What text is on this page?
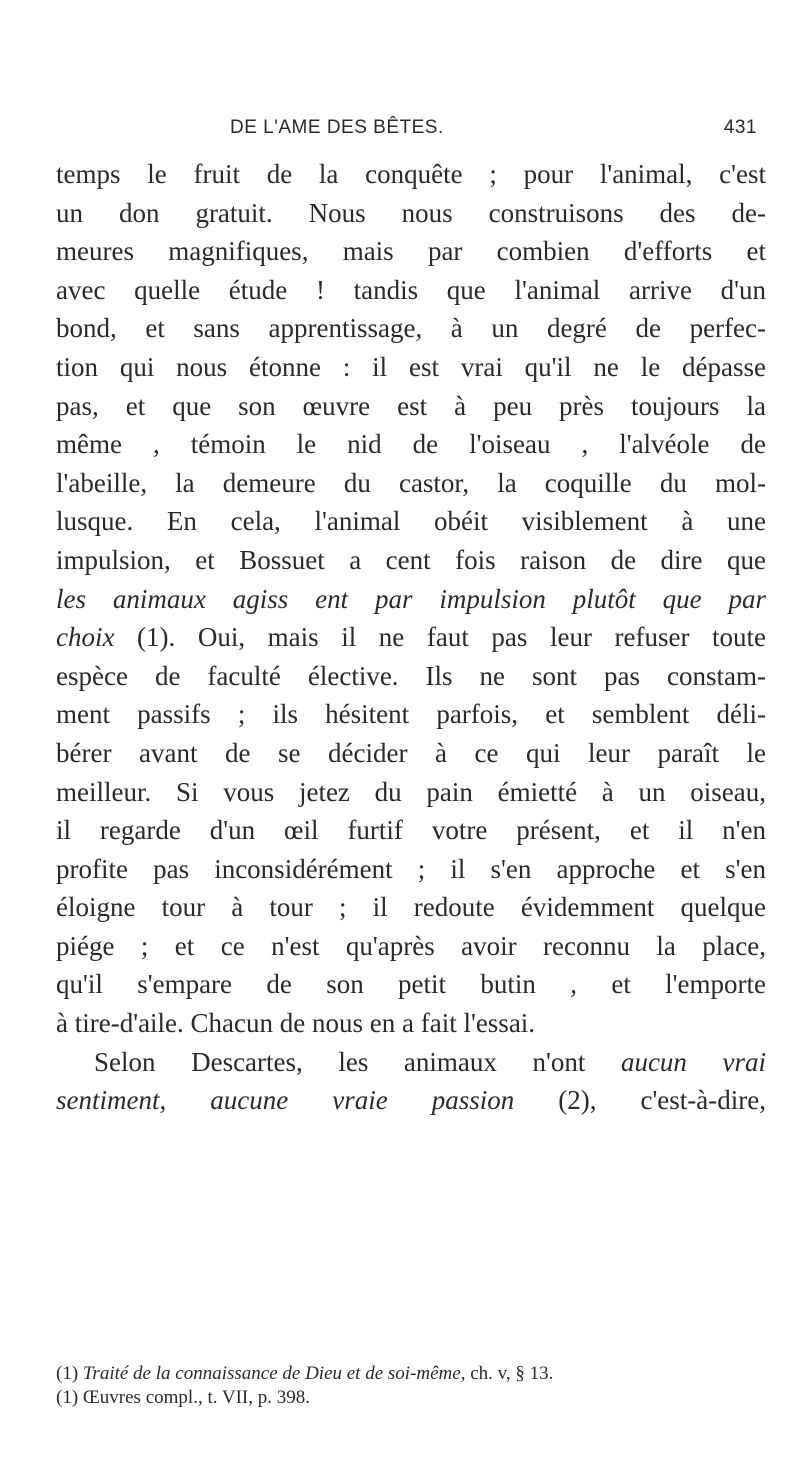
DE L'AME DES BÊTES.	431
temps le fruit de la conquête ; pour l'animal, c'est
un don gratuit. Nous nous construisons des de-
meures magnifiques, mais par combien d'efforts et
avec quelle étude ! tandis que l'animal arrive d'un
bond, et sans apprentissage, à un degré de perfec-
tion qui nous étonne : il est vrai qu'il ne le dépasse
pas, et que son œuvre est à peu près toujours la
même , témoin le nid de l'oiseau , l'alvéole de
l'abeille, la demeure du castor, la coquille du mol-
lusque. En cela, l'animal obéit visiblement à une
impulsion, et Bossuet a cent fois raison de dire que
les animaux agiss ent par impulsion plutôt que par
choix (1). Oui, mais il ne faut pas leur refuser toute
espèce de faculté élective. Ils ne sont pas constam-
ment passifs ; ils hésitent parfois, et semblent déli-
bérer avant de se décider à ce qui leur paraît le
meilleur. Si vous jetez du pain émietté à un oiseau,
il regarde d'un œil furtif votre présent, et il n'en
profite pas inconsidérément ; il s'en approche et s'en
éloigne tour à tour ; il redoute évidemment quelque
piége ; et ce n'est qu'après avoir reconnu la place,
qu'il s'empare de son petit butin , et l'emporte
à tire-d'aile. Chacun de nous en a fait l'essai.
Selon Descartes, les animaux n'ont aucun vrai
sentiment, aucune vraie passion (2), c'est-à-dire,
(1) Traité de la connaissance de Dieu et de soi-même, ch. v, § 13.
(1) Œuvres compl., t. VII, p. 398.
